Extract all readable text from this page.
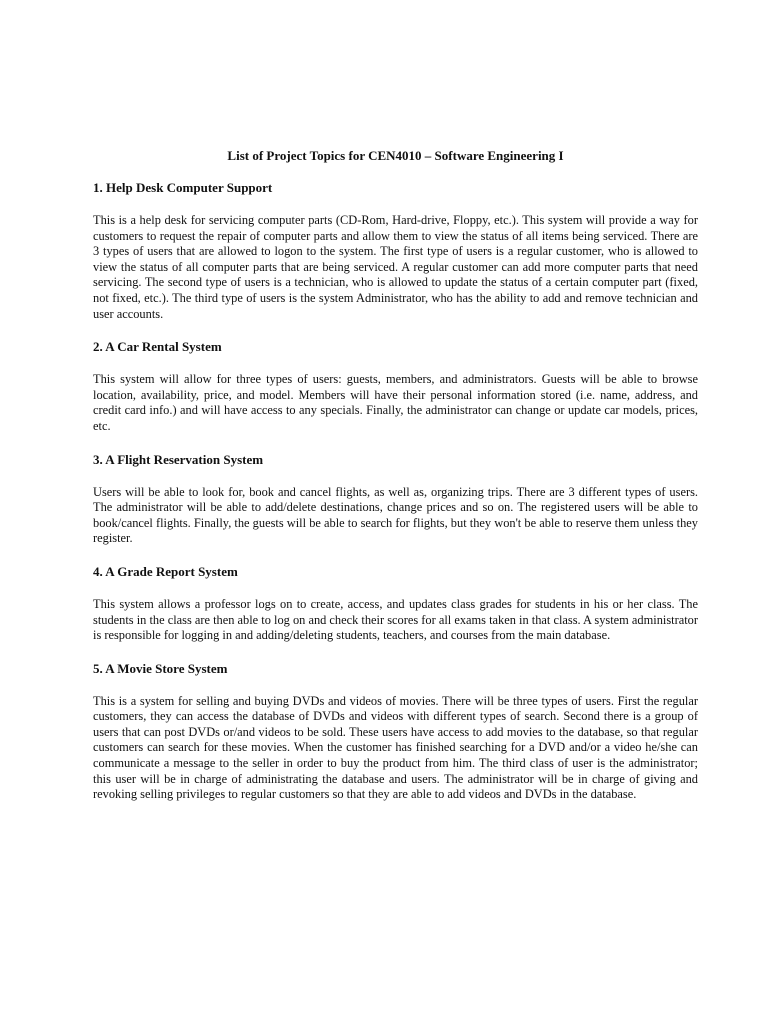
List of Project Topics for CEN4010 – Software Engineering I
1. Help Desk Computer Support

This is a help desk for servicing computer parts (CD-Rom, Hard-drive, Floppy, etc.). This system will provide a way for customers to request the repair of computer parts and allow them to view the status of all items being serviced. There are 3 types of users that are allowed to logon to the system. The first type of users is a regular customer, who is allowed to view the status of all computer parts that are being serviced. A regular customer can add more computer parts that need servicing. The second type of users is a technician, who is allowed to update the status of a certain computer part (fixed, not fixed, etc.). The third type of users is the system Administrator, who has the ability to add and remove technician and user accounts.

2. A Car Rental System

This system will allow for three types of users: guests, members, and administrators. Guests will be able to browse location, availability, price, and model. Members will have their personal information stored (i.e. name, address, and credit card info.) and will have access to any specials. Finally, the administrator can change or update car models, prices, etc.

3. A Flight Reservation System

Users will be able to look for, book and cancel flights, as well as, organizing trips. There are 3 different types of users. The administrator will be able to add/delete destinations, change prices and so on. The registered users will be able to book/cancel flights. Finally, the guests will be able to search for flights, but they won't be able to reserve them unless they register.

4. A Grade Report System

This system allows a professor logs on to create, access, and updates class grades for students in his or her class. The students in the class are then able to log on and check their scores for all exams taken in that class. A system administrator is responsible for logging in and adding/deleting students, teachers, and courses from the main database.

5. A Movie Store System

This is a system for selling and buying DVDs and videos of movies. There will be three types of users. First the regular customers, they can access the database of DVDs and videos with different types of search. Second there is a group of users that can post DVDs or/and videos to be sold. These users have access to add movies to the database, so that regular customers can search for these movies. When the customer has finished searching for a DVD and/or a video he/she can communicate a message to the seller in order to buy the product from him. The third class of user is the administrator; this user will be in charge of administrating the database and users. The administrator will be in charge of giving and revoking selling privileges to regular customers so that they are able to add videos and DVDs in the database.
